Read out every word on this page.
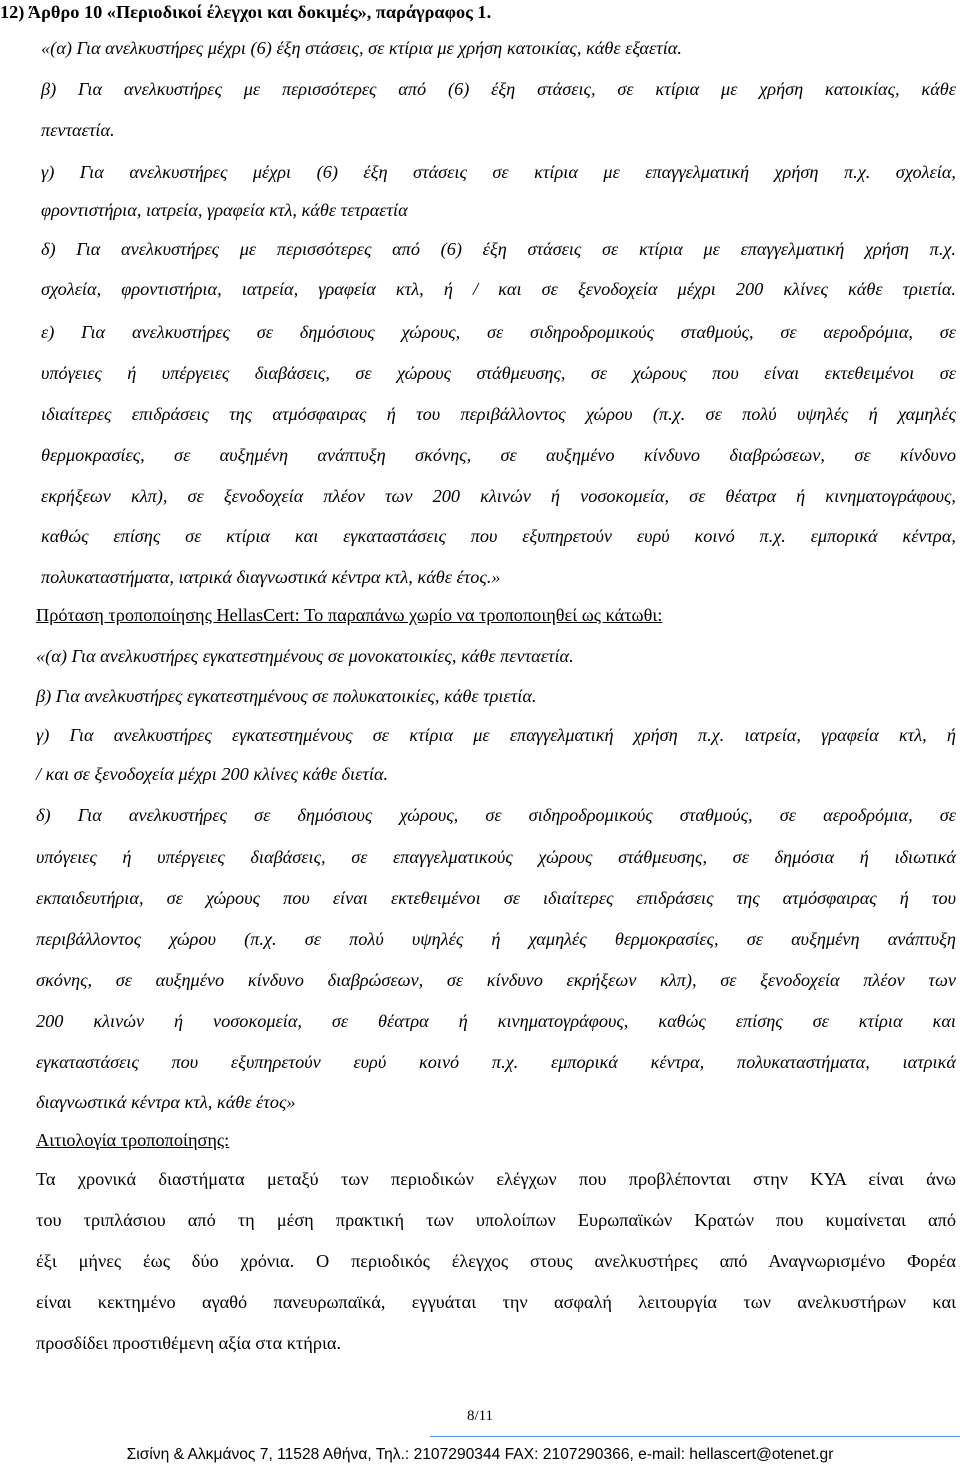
12) Άρθρο 10 «Περιοδικοί έλεγχοι και δοκιμές», παράγραφος 1.
«(α) Για ανελκυστήρες μέχρι (6) έξη στάσεις, σε κτίρια με χρήση κατοικίας, κάθε εξαετία.
β) Για ανελκυστήρες με περισσότερες από (6) έξη στάσεις, σε κτίρια με χρήση κατοικίας, κάθε
πενταετία.
γ) Για ανελκυστήρες μέχρι (6) έξη στάσεις σε κτίρια με επαγγελματική χρήση π.χ. σχολεία,
φροντιστήρια, ιατρεία, γραφεία κτλ, κάθε τετραετία
δ) Για ανελκυστήρες με περισσότερες από (6) έξη στάσεις σε κτίρια με επαγγελματική χρήση π.χ.
σχολεία, φροντιστήρια, ιατρεία, γραφεία κτλ, ή / και σε ξενοδοχεία μέχρι 200 κλίνες κάθε τριετία.
ε) Για ανελκυστήρες σε δημόσιους χώρους, σε σιδηροδρομικούς σταθμούς, σε αεροδρόμια, σε
υπόγειες ή υπέργειες διαβάσεις, σε χώρους στάθμευσης, σε χώρους που είναι εκτεθειμένοι σε
ιδιαίτερες επιδράσεις της ατμόσφαιρας ή του περιβάλλοντος χώρου (π.χ. σε πολύ υψηλές ή χαμηλές
θερμοκρασίες, σε αυξημένη ανάπτυξη σκόνης, σε αυξημένο κίνδυνο διαβρώσεων, σε κίνδυνο
εκρήξεων κλπ), σε ξενοδοχεία πλέον των 200 κλινών ή νοσοκομεία, σε θέατρα ή κινηματογράφους,
καθώς επίσης σε κτίρια και εγκαταστάσεις που εξυπηρετούν ευρύ κοινό π.χ. εμπορικά κέντρα,
πολυκαταστήματα, ιατρικά διαγνωστικά κέντρα κτλ, κάθε έτος.»
Πρόταση τροποποίησης HellasCert: Το παραπάνω χωρίο να τροποποιηθεί ως κάτωθι:
«(α) Για ανελκυστήρες εγκατεστημένους σε μονοκατοικίες, κάθε πενταετία.
β) Για ανελκυστήρες εγκατεστημένους σε πολυκατοικίες, κάθε τριετία.
γ) Για ανελκυστήρες εγκατεστημένους σε κτίρια με επαγγελματική χρήση π.χ. ιατρεία, γραφεία κτλ, ή
/ και σε ξενοδοχεία μέχρι 200 κλίνες κάθε διετία.
δ) Για ανελκυστήρες σε δημόσιους χώρους, σε σιδηροδρομικούς σταθμούς, σε αεροδρόμια, σε
υπόγειες ή υπέργειες διαβάσεις, σε επαγγελματικούς χώρους στάθμευσης, σε δημόσια ή ιδιωτικά
εκπαιδευτήρια, σε χώρους που είναι εκτεθειμένοι σε ιδιαίτερες επιδράσεις της ατμόσφαιρας ή του
περιβάλλοντος χώρου (π.χ. σε πολύ υψηλές ή χαμηλές θερμοκρασίες, σε αυξημένη ανάπτυξη
σκόνης, σε αυξημένο κίνδυνο διαβρώσεων, σε κίνδυνο εκρήξεων κλπ), σε ξενοδοχεία πλέον των
200 κλινών ή νοσοκομεία, σε θέατρα ή κινηματογράφους, καθώς επίσης σε κτίρια και
εγκαταστάσεις που εξυπηρετούν ευρύ κοινό π.χ. εμπορικά κέντρα, πολυκαταστήματα, ιατρικά
διαγνωστικά κέντρα κτλ, κάθε έτος»
Αιτιολογία τροποποίησης:
Τα χρονικά διαστήματα μεταξύ των περιοδικών ελέγχων που προβλέπονται στην ΚΥΑ είναι άνω
του τριπλάσιου από τη μέση πρακτική των υπολοίπων Ευρωπαϊκών Κρατών που κυμαίνεται από
έξι μήνες έως δύο χρόνια. Ο περιοδικός έλεγχος στους ανελκυστήρες από Αναγνωρισμένο Φορέα
είναι κεκτημένο αγαθό πανευρωπαϊκά, εγγυάται την ασφαλή λειτουργία των ανελκυστήρων και
προσδίδει προστιθέμενη αξία στα κτήρια.
8/11
Σισίνη & Αλκμάνος 7, 11528 Αθήνα, Τηλ.: 2107290344 FAX: 2107290366, e-mail: hellascert@otenet.gr
